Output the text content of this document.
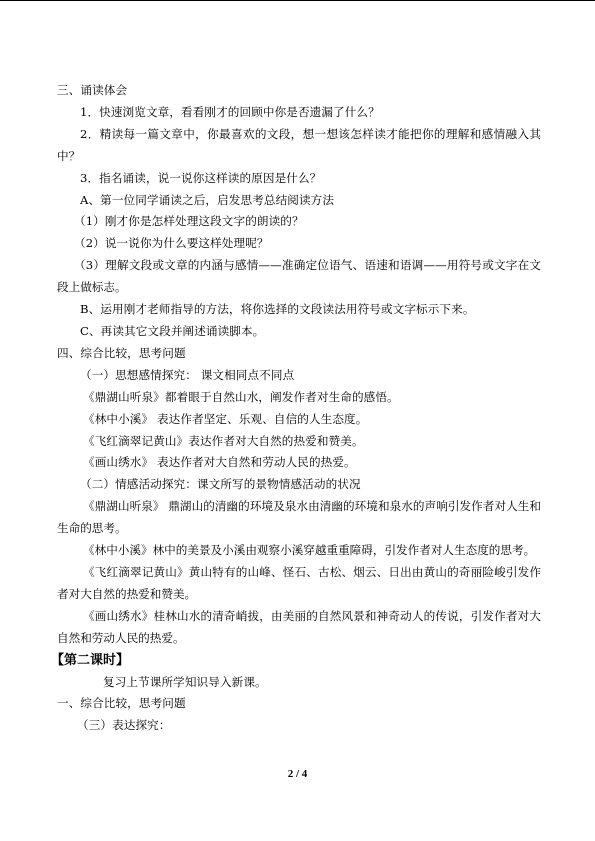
三、诵读体会
1．快速浏览文章，看看刚才的回顾中你是否遗漏了什么？
2．精读每一篇文章中，你最喜欢的文段，想一想该怎样读才能把你的理解和感情融入其中？
3．指名诵读，说一说你这样读的原因是什么？
A、第一位同学诵读之后，启发思考总结阅读方法
（1）刚才你是怎样处理这段文字的朗读的？
（2）说一说你为什么要这样处理呢？
（3）理解文段或文章的内涵与感情——准确定位语气、语速和语调——用符号或文字在文段上做标志。
B、运用刚才老师指导的方法，将你选择的文段读法用符号或文字标示下来。
C、再读其它文段并阐述诵读脚本。
四、综合比较，思考问题
（一）思想感情探究： 课文相同点不同点
《鼎湖山听泉》都着眼于自然山水，阐发作者对生命的感悟。
《林中小溪》 表达作者坚定、乐观、自信的人生态度。
《飞红滴翠记黄山》表达作者对大自然的热爱和赞美。
《画山绣水》 表达作者对大自然和劳动人民的热爱。
（二）情感活动探究：课文所写的景物情感活动的状况
《鼎湖山听泉》 鼎湖山的清幽的环境及泉水由清幽的环境和泉水的声响引发作者对人生和生命的思考。
《林中小溪》林中的美景及小溪由观察小溪穿越重重障碍，引发作者对人生态度的思考。
《飞红滴翠记黄山》黄山特有的山峰、怪石、古松、烟云、日出由黄山的奇丽险峻引发作者对大自然的热爱和赞美。
《画山绣水》桂林山水的清奇峭拔，由美丽的自然风景和神奇动人的传说，引发作者对大自然和劳动人民的热爱。
【第二课时】
复习上节课所学知识导入新课。
一、综合比较，思考问题
（三）表达探究：
2 / 4
